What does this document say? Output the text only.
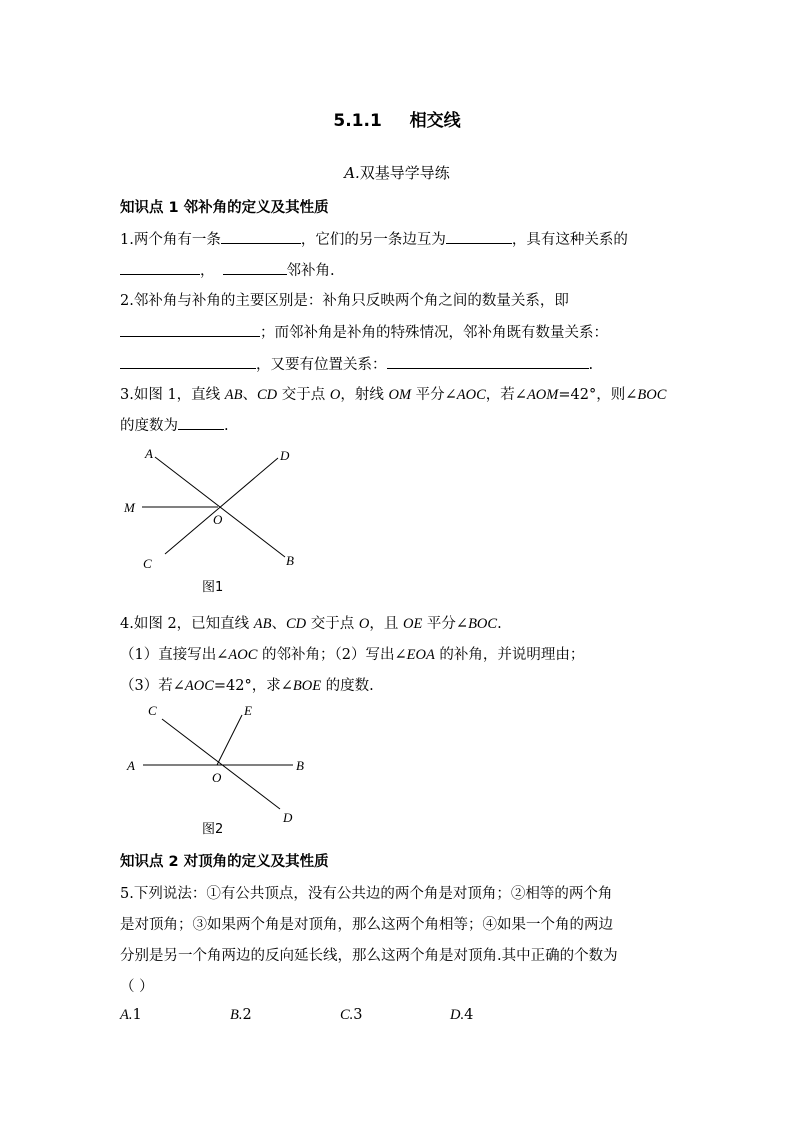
5.1.1 相交线
A.双基导学导练
知识点 1 邻补角的定义及其性质
1.两个角有一条	，它们的另一条边互为	，具有这种关系的
，	邻补角.
2.邻补角与补角的主要区别是：补角只反映两个角之间的数量关系，即
；而邻补角是补角的特殊情况，邻补角既有数量关系：
，又要有位置关系：	.
3.如图 1，直线 AB、CD 交于点 O，射线 OM 平分∠AOC，若∠AOM=42°，则∠BOC
的度数为	.
A	D
M
O
C	B
图1
4.如图 2，已知直线 AB、CD 交于点 O，且 OE 平分∠BOC.
（1）直接写出∠AOC 的邻补角；（2）写出∠EOA 的补角，并说明理由；
（3）若∠AOC=42°，求∠BOE 的度数.
C	E
A
O
B
D
图2
知识点 2 对顶角的定义及其性质
5.下列说法：①有公共顶点，没有公共边的两个角是对顶角；②相等的两个角
是对顶角；③如果两个角是对顶角，那么这两个角相等；④如果一个角的两边
分别是另一个角两边的反向延长线，那么这两个角是对顶角.其中正确的个数为
（ ）
A.1	B.2	C.3	D.4
